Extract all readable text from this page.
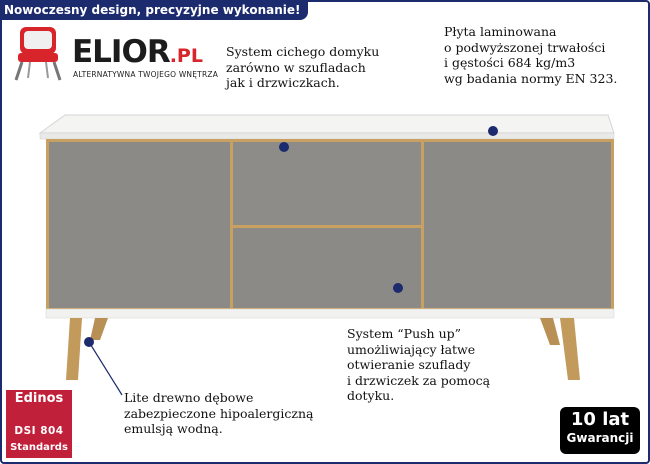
Nowoczesny design, precyzyjne wykonanie!
ELIOR.PL
ALTERNATYWNA TWOJEGO WNĘTRZA
System cichego domyku
zarówno w szufladach
jak i drzwiczkach.
Płyta laminowana
o podwyższonej trwałości
i gęstości 684 kg/m3
wg badania normy EN 323.
System “Push up”
umożliwiający łatwe
otwieranie szuflady
i drzwiczek za pomocą
dotyku.
Lite drewno dębowe
zabezpieczone hipoalergiczną
emulsją wodną.
Edinos
DSI 804
Standards
10 lat
Gwarancji
